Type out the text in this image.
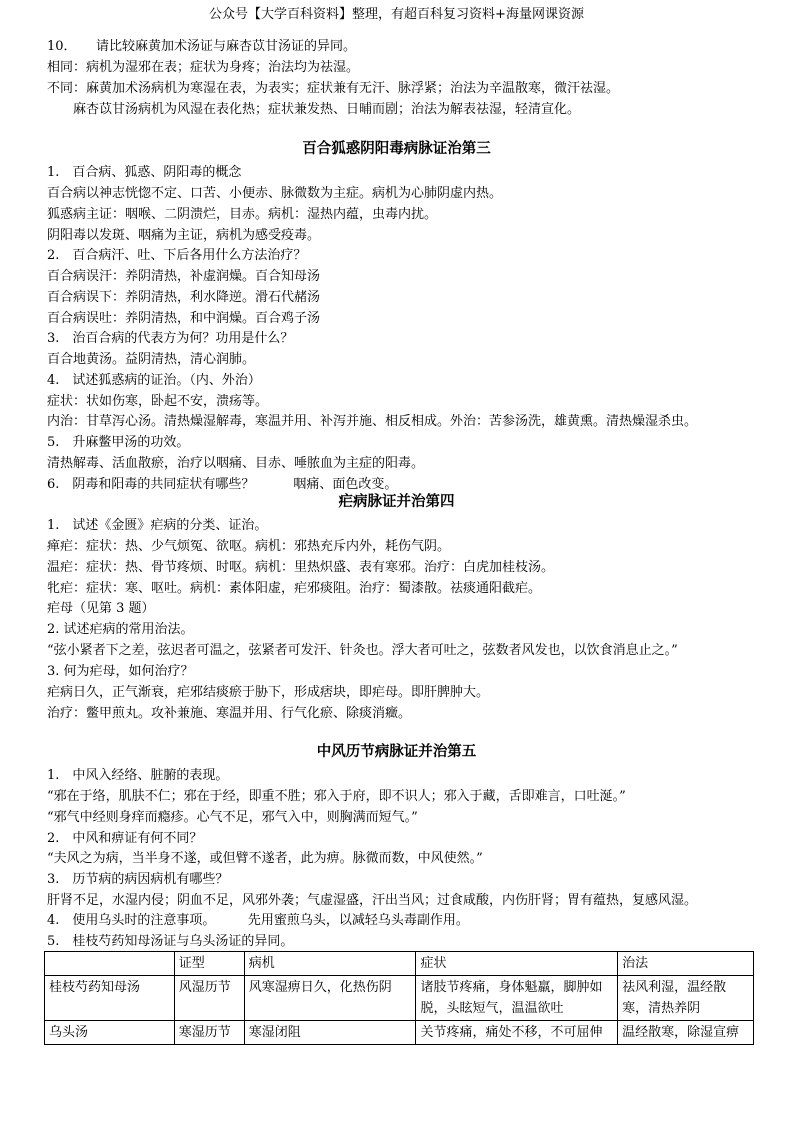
公众号【大学百科资料】整理，有超百科复习资料+海量网课资源
10．　　请比较麻黄加术汤证与麻杏苡甘汤证的异同。
相同：病机为湿邪在表；症状为身疼；治法均为祛湿。
不同：麻黄加术汤病机为寒湿在表，为表实；症状兼有无汗、脉浮紧；治法为辛温散寒，微汗祛湿。
　　麻杏苡甘汤病机为风湿在表化热；症状兼发热、日晡而剧；治法为解表祛湿，轻清宣化。
百合狐惑阴阳毒病脉证治第三
1.　百合病、狐惑、阴阳毒的概念
百合病以神志恍惚不定、口苦、小便赤、脉微数为主症。病机为心肺阴虚内热。
狐惑病主证：咽喉、二阴溃烂，目赤。病机：湿热内蕴，虫毒内扰。
阴阳毒以发斑、咽痛为主证，病机为感受疫毒。
2.　百合病汗、吐、下后各用什么方法治疗？
百合病误汗：养阴清热，补虚润燥。百合知母汤
百合病误下：养阴清热，利水降逆。滑石代赭汤
百合病误吐：养阴清热，和中润燥。百合鸡子汤
3.　治百合病的代表方为何？功用是什么？
百合地黄汤。益阴清热，清心润肺。
4.　试述狐惑病的证治。（内、外治）
症状：状如伤寒，卧起不安，溃疡等。
内治：甘草泻心汤。清热燥湿解毒，寒温并用、补泻并施、相反相成。外治：苦参汤洗，雄黄熏。清热燥湿杀虫。
5.　升麻鳖甲汤的功效。
清热解毒、活血散瘀，治疗以咽痛、目赤、唾脓血为主症的阳毒。
6.　阴毒和阳毒的共同症状有哪些？　　　咽痛、面色改变。
疟病脉证并治第四
1.　试述《金匮》疟病的分类、证治。
瘅疟：症状：热、少气烦冤、欲呕。病机：邪热充斥内外，耗伤气阴。
温疟：症状：热、骨节疼烦、时呕。病机：里热炽盛、表有寒邪。治疗：白虎加桂枝汤。
牝疟：症状：寒、呕吐。病机：素体阳虚，疟邪痰阻。治疗：蜀漆散。祛痰通阳截疟。
疟母（见第 3 题）
2. 试述疟病的常用治法。
“弦小紧者下之差，弦迟者可温之，弦紧者可发汗、针灸也。浮大者可吐之，弦数者风发也，以饮食消息止之。”
3. 何为疟母，如何治疗？
疟病日久，正气渐衰，疟邪结痰瘀于胁下，形成痞块，即疟母。即肝脾肿大。
治疗：鳖甲煎丸。攻补兼施、寒温并用、行气化瘀、除痰消癥。
中风历节病脉证并治第五
1.　中风入经络、脏腑的表现。
“邪在于络，肌肤不仁；邪在于经，即重不胜；邪入于府，即不识人；邪入于藏，舌即难言，口吐涎。”
“邪气中经则身痒而瘾疹。心气不足，邪气入中，则胸满而短气。”
2.　中风和痹证有何不同？
“夫风之为病，当半身不遂，或但臂不遂者，此为痹。脉微而数，中风使然。”
3.　历节病的病因病机有哪些？
肝肾不足，水湿内侵；阴血不足，风邪外袭；气虚湿盛，汗出当风；过食咸酸，内伤肝肾；胃有蕴热，复感风湿。
4.　使用乌头时的注意事项。　　　先用蜜煎乌头，以减轻乌头毒副作用。
5.　桂枝芍药知母汤证与乌头汤证的异同。
	证型	病机	症状	治法
桂枝芍药知母汤	风湿历节	风寒湿痹日久，化热伤阴	诸肢节疼痛，身体魁羸，脚肿如脱，头眩短气，温温欲吐	祛风利湿，温经散寒，清热养阴
乌头汤	寒湿历节	寒湿闭阻	关节疼痛，痛处不移，不可屈伸	温经散寒，除湿宣痹
